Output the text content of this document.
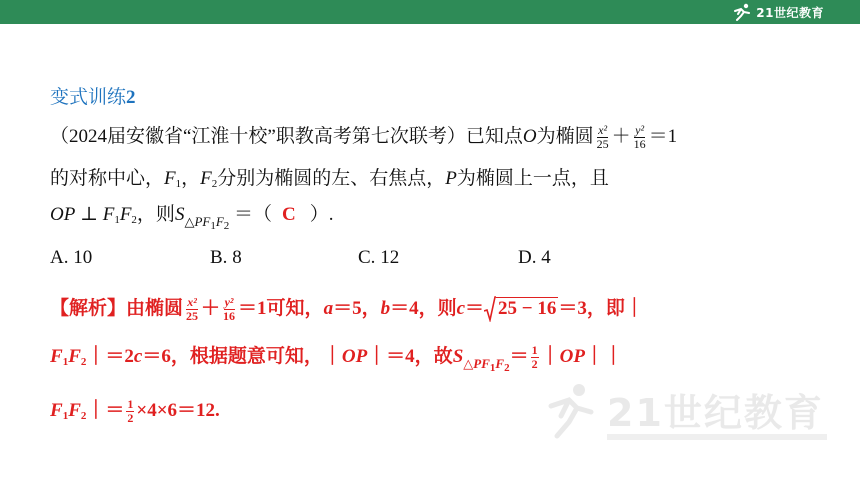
21世纪教育
变式训练2
（2024届安徽省“江淮十校”职教高考第七次联考）已知点O为椭圆 $\frac{\text{x²}}{25} + \frac{\text{y²}}{16} =1$
的对称中心，$F_1$，$F_2$分别为椭圆的左、右焦点，P为椭圆上一点，且
OP ⊥ $F_1F_2$，则$S_{\triangle PF_1F_2}$ ＝（ C ）.
A. 10	B. 8	C. 12	D. 4
【解析】由椭圆 $\frac{\text{x²}}{25} + \frac{\text{y²}}{16} =1$可知，a＝5，b＝4，则c＝ 25 − 16 ＝3，即｜
$F_1F_2|=2c=6$，根据题意可知，｜OP｜＝4，故$S_{\triangle PF_1F_2}= \frac{1}{2}$ ｜OP｜｜
$F_1F_2|= \frac{1}{2} \times 4\times 6=12$.	21世纪教育
